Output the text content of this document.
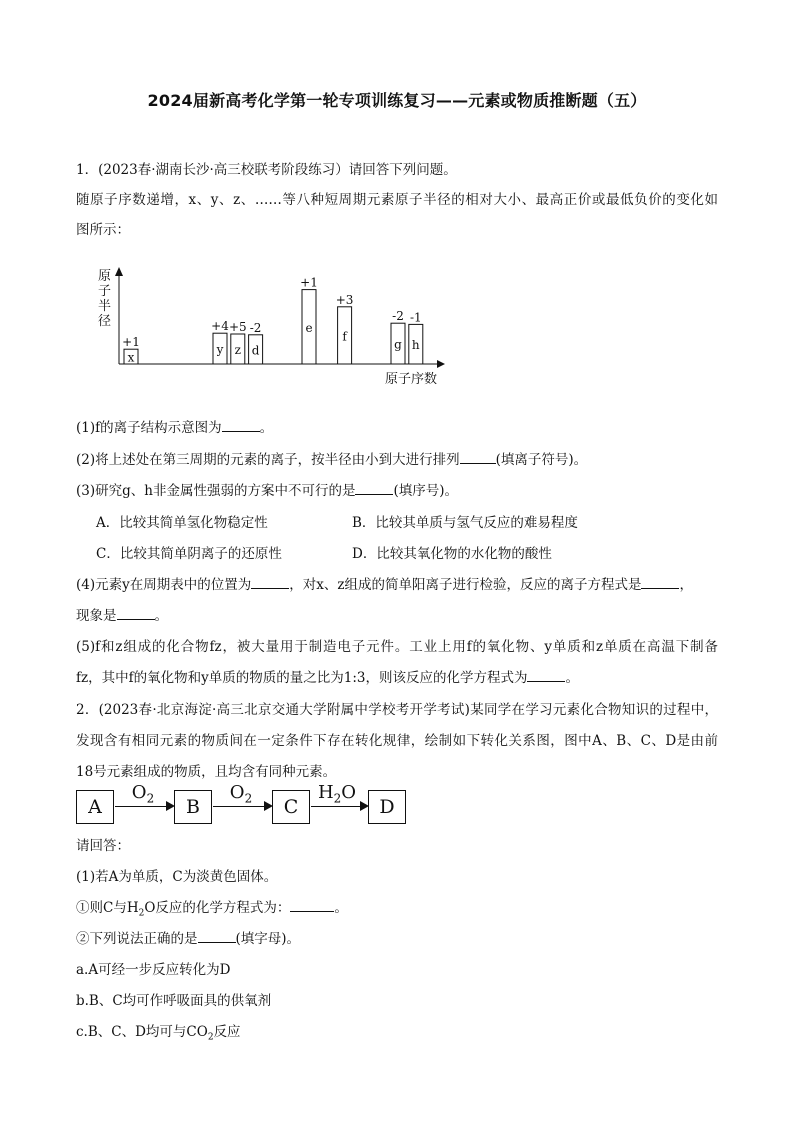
2024届新高考化学第一轮专项训练复习——元素或物质推断题（五）
1．(2023春·湖南长沙·高三校联考阶段练习）请回答下列问题。
随原子序数递增，x、y、z、……等八种短周期元素原子半径的相对大小、最高正价或最低负价的变化如
图所示：
原
子
半
径
原子序数
x
+1
y
+4
z
+5
d
-2	e
+1
f
+3
g
-2
h
-1
(1)f的离子结构示意图为	。
(2)将上述处在第三周期的元素的离子，按半径由小到大进行排列	(填离子符号)。
(3)研究g、h非金属性强弱的方案中不可行的是	(填序号)。
A．比较其简单氢化物稳定性	B．比较其单质与氢气反应的难易程度
C．比较其简单阴离子的还原性	D．比较其氧化物的水化物的酸性
(4)元素y在周期表中的位置为	，对x、z组成的简单阳离子进行检验，反应的离子方程式是	，
现象是	。
(5)f和z组成的化合物fz，被大量用于制造电子元件。工业上用f的氧化物、y单质和z单质在高温下制备
fz，其中f的氧化物和y单质的物质的量之比为1:3，则该反应的化学方程式为	。
2．(2023春·北京海淀·高三北京交通大学附属中学校考开学考试)某同学在学习元素化合物知识的过程中，
发现含有相同元素的物质间在一定条件下存在转化规律，绘制如下转化关系图，图中A、B、C、D是由前
18号元素组成的物质，且均含有同种元素。
A
$O_2$	B
$O_2$	C
$H_2O$
D
请回答：
(1)若A为单质，C为淡黄色固体。
①则C与$H_2O$反应的化学方程式为：	。
②下列说法正确的是	(填字母)。
a.A可经一步反应转化为D
b.B、C均可作呼吸面具的供氧剂
c.B、C、D均可与$CO_2$反应
